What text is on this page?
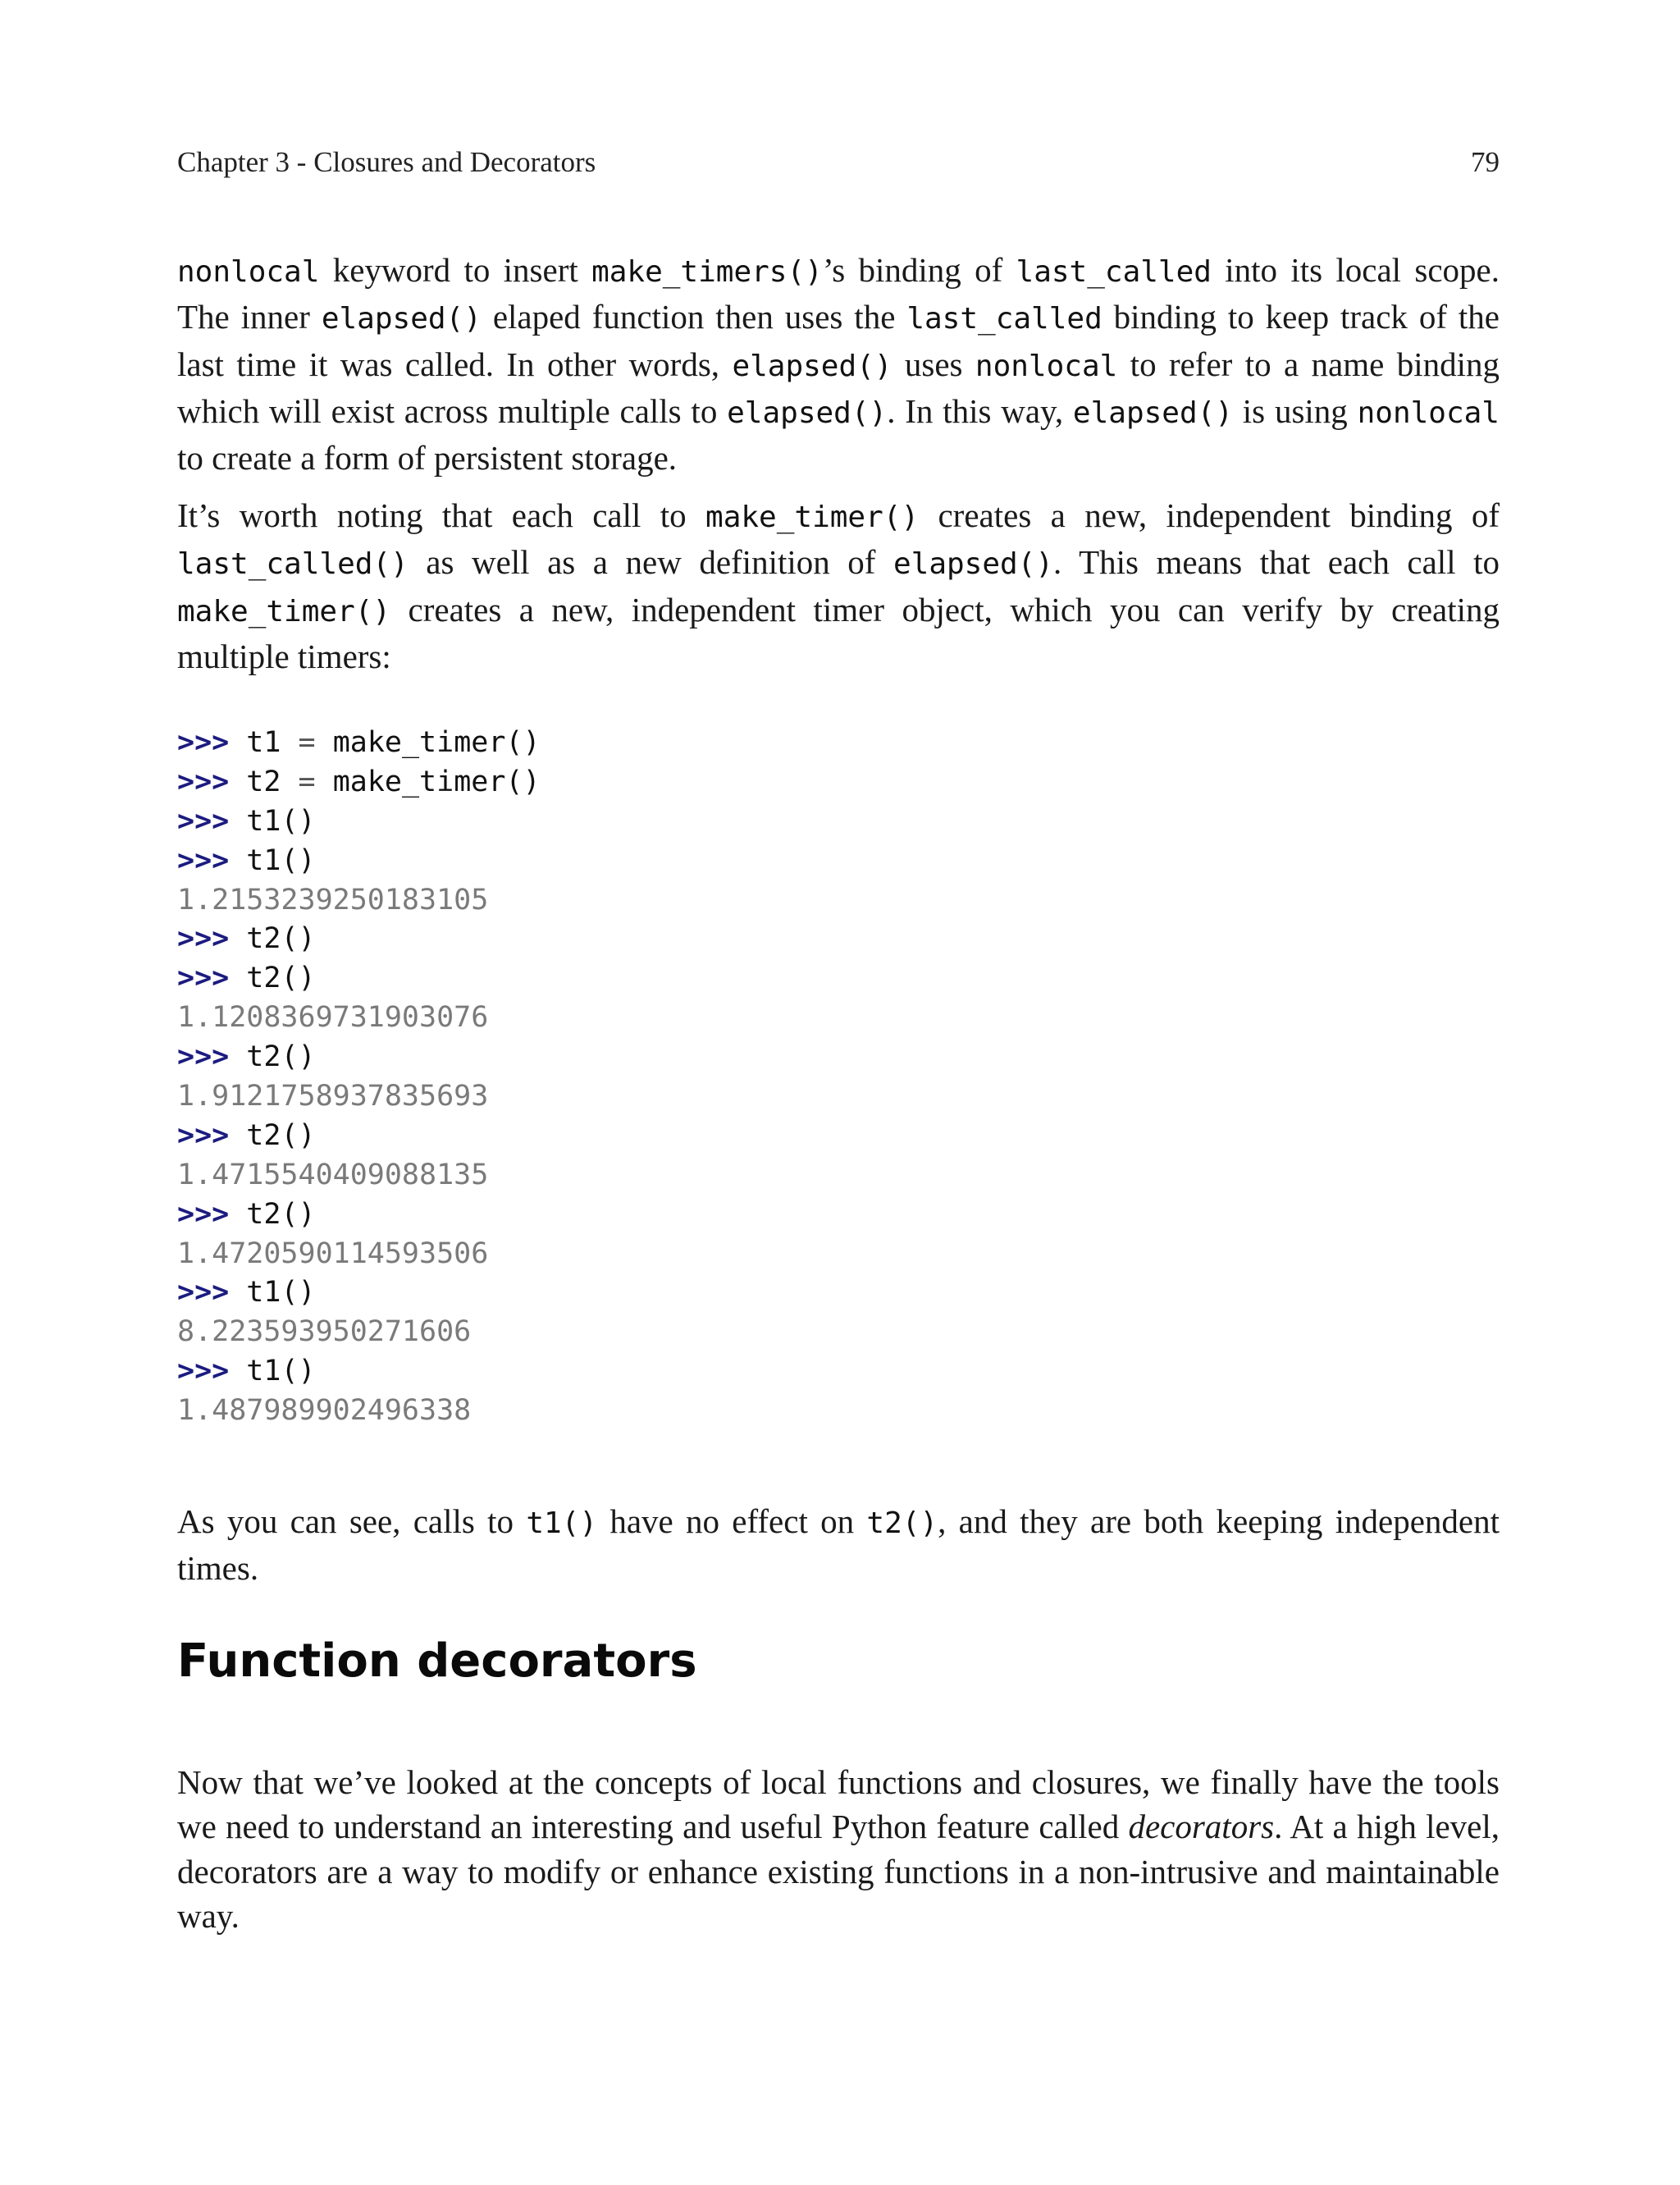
Chapter 3 - Closures and Decorators	79

nonlocal keyword to insert make_timers()’s binding of last_called into its local scope. The inner elapsed() elaped function then uses the last_called binding to keep track of the last time it was called. In other words, elapsed() uses nonlocal to refer to a name binding which will exist across multiple calls to elapsed(). In this way, elapsed() is using nonlocal to create a form of persistent storage.

It’s worth noting that each call to make_timer() creates a new, independent binding of last_called() as well as a new definition of elapsed(). This means that each call to make_timer() creates a new, independent timer object, which you can verify by creating multiple timers:

>>> t1 = make_timer()
>>> t2 = make_timer()
>>> t1()
>>> t1()
1.2153239250183105
>>> t2()
>>> t2()
1.1208369731903076
>>> t2()
1.9121758937835693
>>> t2()
1.4715540409088135
>>> t2()
1.4720590114593506
>>> t1()
8.223593950271606
>>> t1()
1.487989902496338

As you can see, calls to t1() have no effect on t2(), and they are both keeping independent times.

Function decorators

Now that we’ve looked at the concepts of local functions and closures, we finally have the tools we need to understand an interesting and useful Python feature called decorators. At a high level, decorators are a way to modify or enhance existing functions in a non-intrusive and maintainable way.
